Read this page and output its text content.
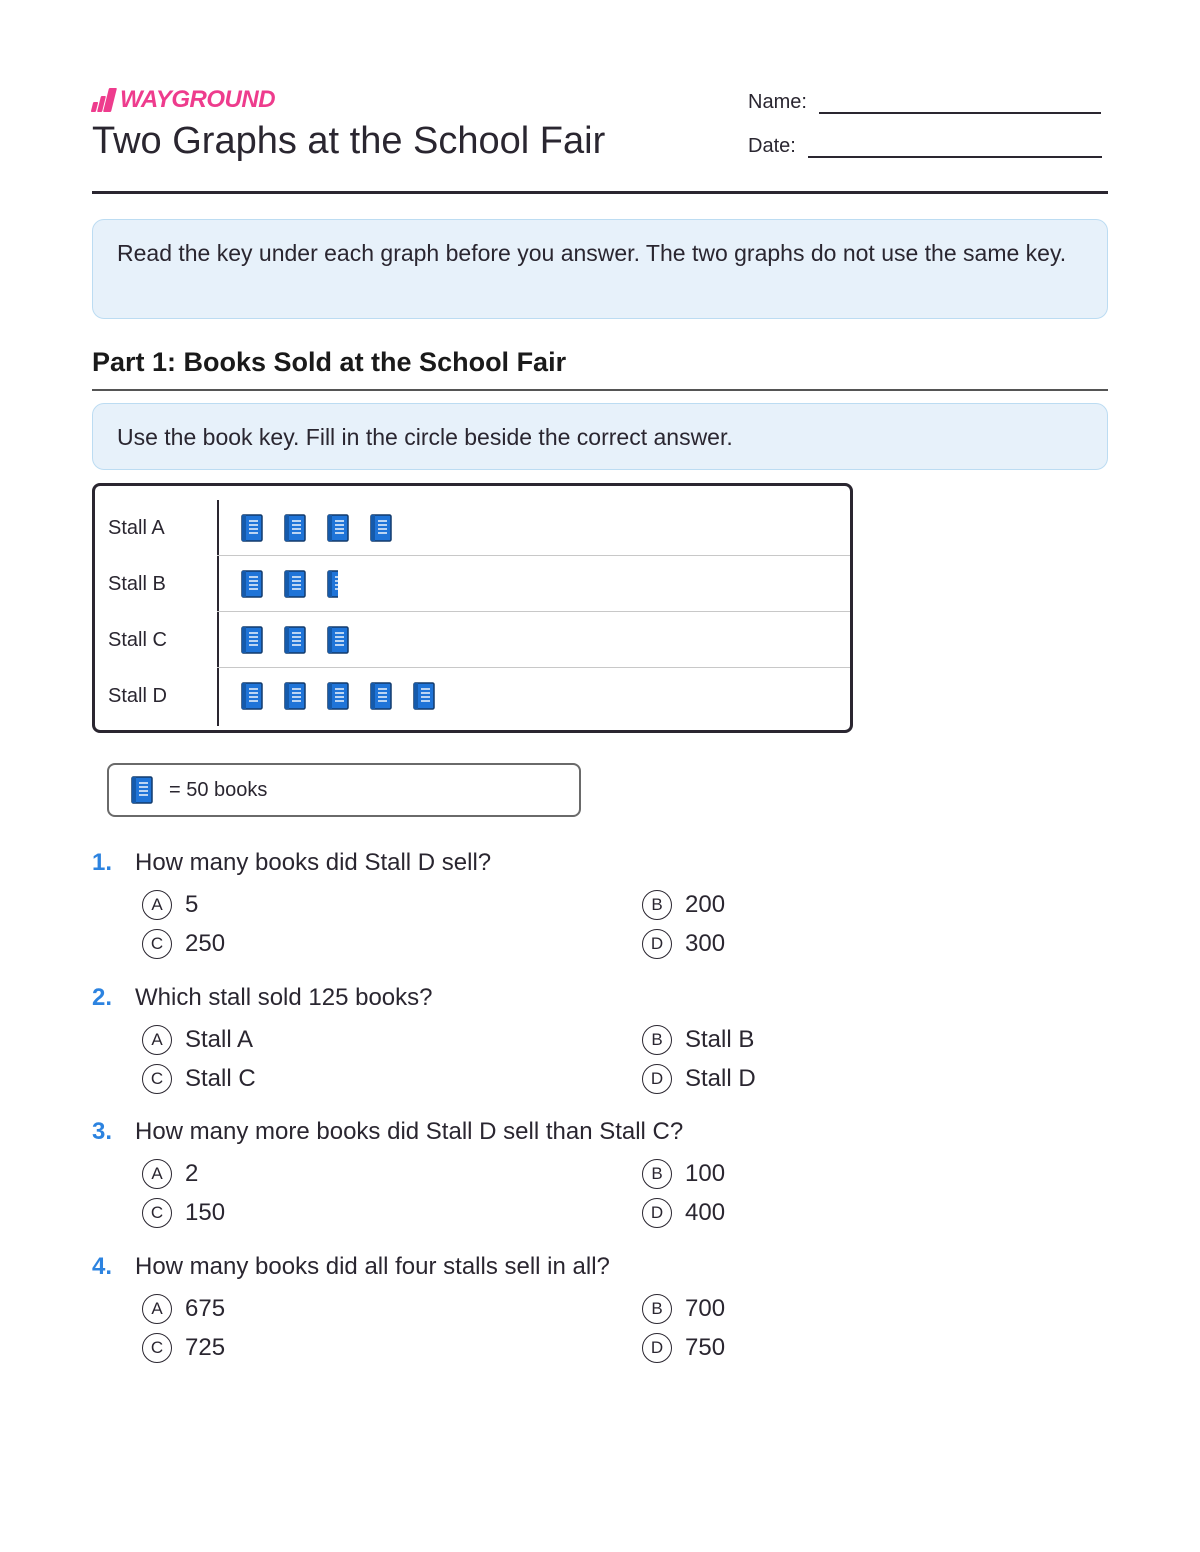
WAYGROUND
Two Graphs at the School Fair
Name:
Date:
Read the key under each graph before you answer. The two graphs do not use the same key.
Part 1: Books Sold at the School Fair
Use the book key. Fill in the circle beside the correct answer.
Stall A
Stall B
Stall C
Stall D
= 50 books
1. How many books did Stall D sell?
A 5	B 200
C 250	D 300
2. Which stall sold 125 books?
A Stall A	B Stall B
C Stall C	D Stall D
3. How many more books did Stall D sell than Stall C?
A 2	B 100
C 150	D 400
4. How many books did all four stalls sell in all?
A 675	B 700
C 725	D 750
